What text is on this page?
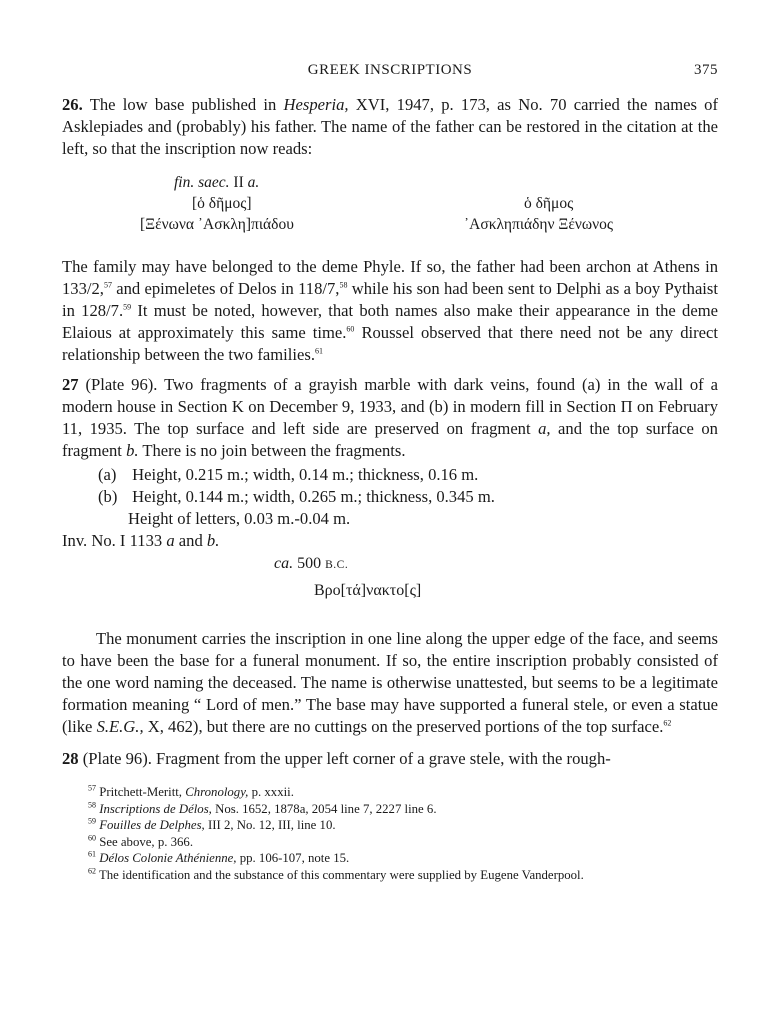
GREEK INSCRIPTIONS	375

26. The low base published in Hesperia, XVI, 1947, p. 173, as No. 70 carried the names of Asklepiades and (probably) his father. The name of the father can be restored in the citation at the left, so that the inscription now reads:

fin. saec. II a.
[ὁ δῆμος]
[Ξένωνα ᾿Ασκλη]πιάδου
ὁ δῆμος
᾿Ασκληπιάδην Ξένωνος

The family may have belonged to the deme Phyle. If so, the father had been archon at Athens in 133/2,57 and epimeletes of Delos in 118/7,58 while his son had been sent to Delphi as a boy Pythaist in 128/7.59 It must be noted, however, that both names also make their appearance in the deme Elaious at approximately this same time.$^{60}$ Roussel observed that there need not be any direct relationship between the two families.$^{61}$

27 (Plate 96). Two fragments of a grayish marble with dark veins, found (a) in the wall of a modern house in Section Κ on December 9, 1933, and (b) in modern fill in Section Π on February 11, 1935. The top surface and left side are preserved on fragment a, and the top surface on fragment b. There is no join between the fragments.

(a) Height, 0.215 m.; width, 0.14 m.; thickness, 0.16 m.
(b) Height, 0.144 m.; width, 0.265 m.; thickness, 0.345 m.
Height of letters, 0.03 m.-0.04 m.
Inv. No. I 1133 a and b.
ca. 500 B.C.
Βρο[τά]νακτο[ς]

The monument carries the inscription in one line along the upper edge of the face, and seems to have been the base for a funeral monument. If so, the entire inscription probably consisted of the one word naming the deceased. The name is otherwise unattested, but seems to be a legitimate formation meaning “ Lord of men.” The base may have supported a funeral stele, or even a statue (like S.E.G., X, 462), but there are no cuttings on the preserved portions of the top surface.$^{62}$

28 (Plate 96). Fragment from the upper left corner of a grave stele, with the rough-

$^{57}$ Pritchett-Meritt, Chronology, p. xxxii.
$^{58}$ Inscriptions de Délos, Nos. 1652, 1878a, 2054 line 7, 2227 line 6.
$^{59}$ Fouilles de Delphes, III 2, No. 12, III, line 10.
$^{60}$ See above, p. 366.
$^{61}$ Délos Colonie Athénienne, pp. 106-107, note 15.
$^{62}$ The identification and the substance of this commentary were supplied by Eugene Vanderpool.
